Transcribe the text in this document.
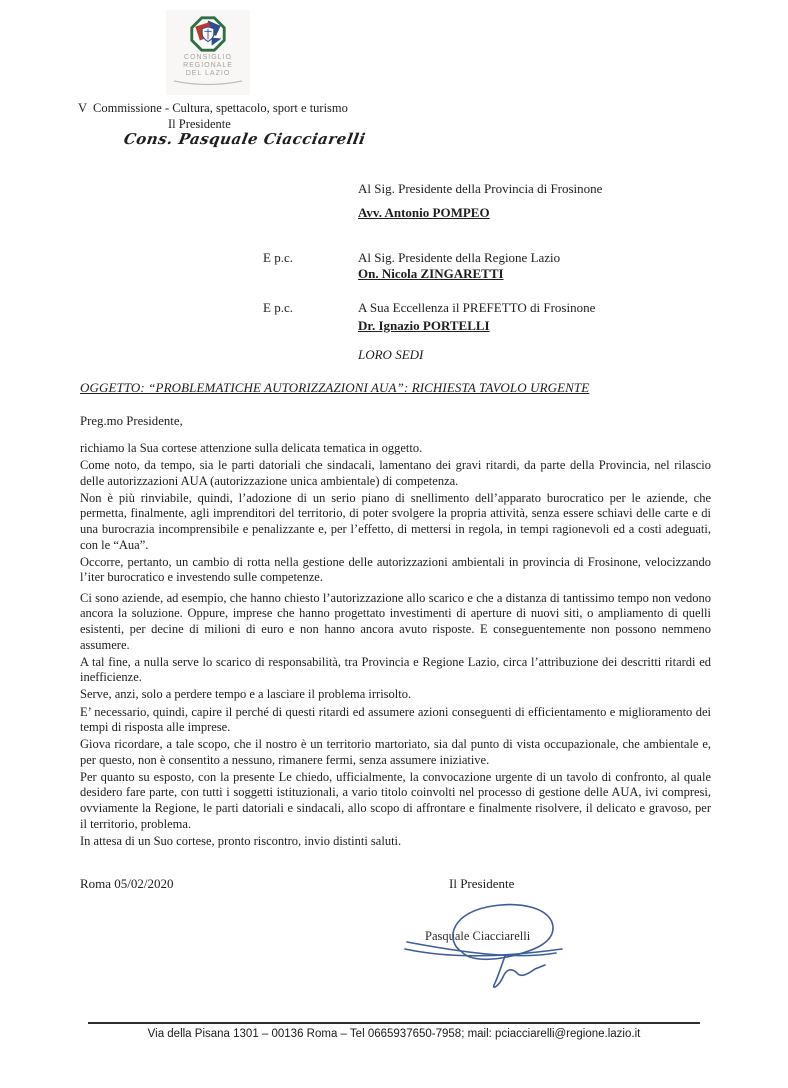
CONSIGLIO
REGIONALE
DEL LAZIO
V  Commissione - Cultura, spettacolo, sport e turismo
Il Presidente
Cons. Pasquale Ciacciarelli
Al Sig. Presidente della Provincia di Frosinone
Avv. Antonio POMPEO
E p.c.	Al Sig. Presidente della Regione Lazio
On. Nicola ZINGARETTI
E p.c.	A Sua Eccellenza il PREFETTO di Frosinone
Dr. Ignazio PORTELLI
LORO SEDI
OGGETTO: “PROBLEMATICHE AUTORIZZAZIONI AUA”: RICHIESTA TAVOLO URGENTE
Preg.mo Presidente,

richiamo la Sua cortese attenzione sulla delicata tematica in oggetto.

Come noto, da tempo, sia le parti datoriali che sindacali, lamentano dei gravi ritardi, da parte della Provincia, nel rilascio delle autorizzazioni AUA (autorizzazione unica ambientale) di competenza.

Non è più rinviabile, quindi, l’adozione di un serio piano di snellimento dell’apparato burocratico per le aziende, che permetta, finalmente, agli imprenditori del territorio, di poter svolgere la propria attività, senza essere schiavi delle carte e di una burocrazia incomprensibile e penalizzante e, per l’effetto, di mettersi in regola, in tempi ragionevoli ed a costi adeguati, con le “Aua”.

Occorre, pertanto, un cambio di rotta nella gestione delle autorizzazioni ambientali in provincia di Frosinone, velocizzando l’iter burocratico e investendo sulle competenze.

Ci sono aziende, ad esempio, che hanno chiesto l’autorizzazione allo scarico e che a distanza di tantissimo tempo non vedono ancora la soluzione. Oppure, imprese che hanno progettato investimenti di aperture di nuovi siti, o ampliamento di quelli esistenti, per decine di milioni di euro e non hanno ancora avuto risposte. E conseguentemente non possono nemmeno assumere.

A tal fine, a nulla serve lo scarico di responsabilità, tra Provincia e Regione Lazio, circa l’attribuzione dei descritti ritardi ed inefficienze.

Serve, anzi, solo a perdere tempo e a lasciare il problema irrisolto.

E’ necessario, quindi, capire il perché di questi ritardi ed assumere azioni conseguenti di efficientamento e miglioramento dei tempi di risposta alle imprese.

Giova ricordare, a tale scopo, che il nostro è un territorio martoriato, sia dal punto di vista occupazionale, che ambientale e, per questo, non è consentito a nessuno, rimanere fermi, senza assumere iniziative.

Per quanto su esposto, con la presente Le chiedo, ufficialmente, la convocazione urgente di un tavolo di confronto, al quale desidero fare parte, con tutti i soggetti istituzionali, a vario titolo coinvolti nel processo di gestione delle AUA, ivi compresi, ovviamente la Regione, le parti datoriali e sindacali, allo scopo di affrontare e finalmente risolvere, il delicato e gravoso, per il territorio, problema.

In attesa di un Suo cortese, pronto riscontro, invio distinti saluti.

Roma 05/02/2020	Il Presidente
Pasquale Ciacciarelli
Via della Pisana 1301 – 00136 Roma – Tel 0665937650-7958; mail: pciacciarelli@regione.lazio.it
